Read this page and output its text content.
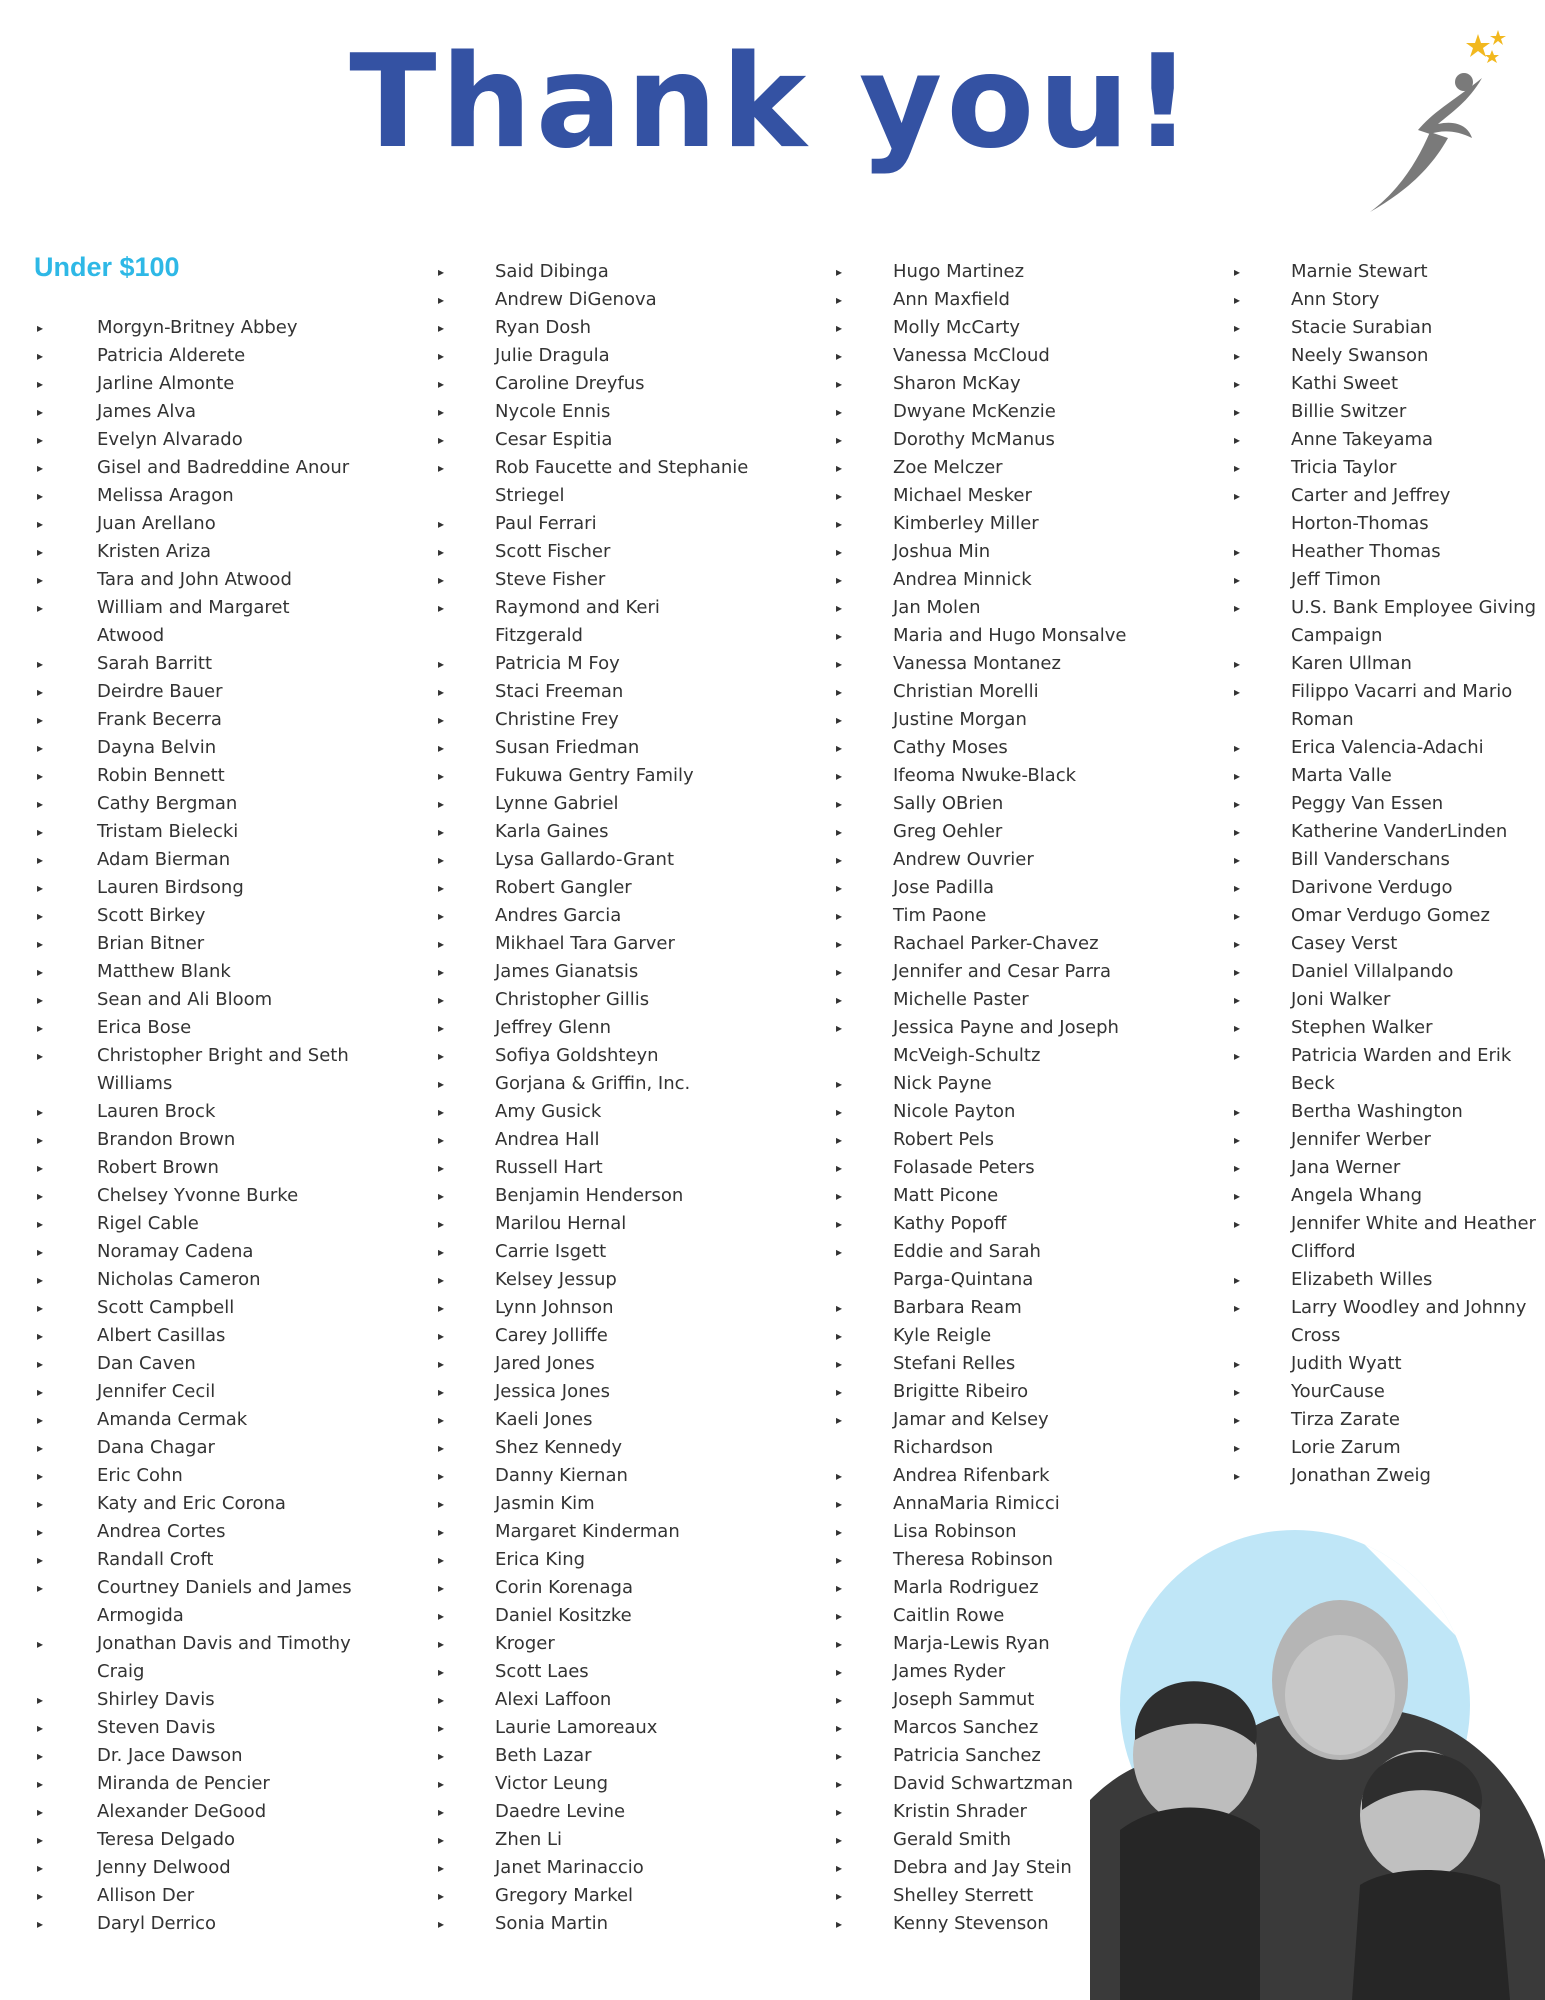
Thank you!
Under $100
▸	Morgyn-Britney Abbey
▸	Patricia Alderete
▸	Jarline Almonte
▸	James Alva
▸	Evelyn Alvarado
▸	Gisel and Badreddine Anour
▸	Melissa Aragon
▸	Juan Arellano
▸	Kristen Ariza
▸	Tara and John Atwood
▸	William and Margaret
Atwood
▸	Sarah Barritt
▸	Deirdre Bauer
▸	Frank Becerra
▸	Dayna Belvin
▸	Robin Bennett
▸	Cathy Bergman
▸	Tristam Bielecki
▸	Adam Bierman
▸	Lauren Birdsong
▸	Scott Birkey
▸	Brian Bitner
▸	Matthew Blank
▸	Sean and Ali Bloom
▸	Erica Bose
▸	Christopher Bright and Seth
Williams
▸	Lauren Brock
▸	Brandon Brown
▸	Robert Brown
▸	Chelsey Yvonne Burke
▸	Rigel Cable
▸	Noramay Cadena
▸	Nicholas Cameron
▸	Scott Campbell
▸	Albert Casillas
▸	Dan Caven
▸	Jennifer Cecil
▸	Amanda Cermak
▸	Dana Chagar
▸	Eric Cohn
▸	Katy and Eric Corona
▸	Andrea Cortes
▸	Randall Croft
▸	Courtney Daniels and James
Armogida
▸	Jonathan Davis and Timothy
Craig
▸	Shirley Davis
▸	Steven Davis
▸	Dr. Jace Dawson
▸	Miranda de Pencier
▸	Alexander DeGood
▸	Teresa Delgado
▸	Jenny Delwood
▸	Allison Der
▸	Daryl Derrico
▸	Said Dibinga
▸	Andrew DiGenova
▸	Ryan Dosh
▸	Julie Dragula
▸	Caroline Dreyfus
▸	Nycole Ennis
▸	Cesar Espitia
▸	Rob Faucette and Stephanie
Striegel
▸	Paul Ferrari
▸	Scott Fischer
▸	Steve Fisher
▸	Raymond and Keri
Fitzgerald
▸	Patricia M Foy
▸	Staci Freeman
▸	Christine Frey
▸	Susan Friedman
▸	Fukuwa Gentry Family
▸	Lynne Gabriel
▸	Karla Gaines
▸	Lysa Gallardo-Grant
▸	Robert Gangler
▸	Andres Garcia
▸	Mikhael Tara Garver
▸	James Gianatsis
▸	Christopher Gillis
▸	Jeffrey Glenn
▸	Sofiya Goldshteyn
▸	Gorjana & Griffin, Inc.
▸	Amy Gusick
▸	Andrea Hall
▸	Russell Hart
▸	Benjamin Henderson
▸	Marilou Hernal
▸	Carrie Isgett
▸	Kelsey Jessup
▸	Lynn Johnson
▸	Carey Jolliffe
▸	Jared Jones
▸	Jessica Jones
▸	Kaeli Jones
▸	Shez Kennedy
▸	Danny Kiernan
▸	Jasmin Kim
▸	Margaret Kinderman
▸	Erica King
▸	Corin Korenaga
▸	Daniel Kositzke
▸	Kroger
▸	Scott Laes
▸	Alexi Laffoon
▸	Laurie Lamoreaux
▸	Beth Lazar
▸	Victor Leung
▸	Daedre Levine
▸	Zhen Li
▸	Janet Marinaccio
▸	Gregory Markel
▸	Sonia Martin
▸	Hugo Martinez
▸	Ann Maxfield
▸	Molly McCarty
▸	Vanessa McCloud
▸	Sharon McKay
▸	Dwyane McKenzie
▸	Dorothy McManus
▸	Zoe Melczer
▸	Michael Mesker
▸	Kimberley Miller
▸	Joshua Min
▸	Andrea Minnick
▸	Jan Molen
▸	Maria and Hugo Monsalve
▸	Vanessa Montanez
▸	Christian Morelli
▸	Justine Morgan
▸	Cathy Moses
▸	Ifeoma Nwuke-Black
▸	Sally OBrien
▸	Greg Oehler
▸	Andrew Ouvrier
▸	Jose Padilla
▸	Tim Paone
▸	Rachael Parker-Chavez
▸	Jennifer and Cesar Parra
▸	Michelle Paster
▸	Jessica Payne and Joseph
McVeigh-Schultz
▸	Nick Payne
▸	Nicole Payton
▸	Robert Pels
▸	Folasade Peters
▸	Matt Picone
▸	Kathy Popoff
▸	Eddie and Sarah
Parga-Quintana
▸	Barbara Ream
▸	Kyle Reigle
▸	Stefani Relles
▸	Brigitte Ribeiro
▸	Jamar and Kelsey
Richardson
▸	Andrea Rifenbark
▸	AnnaMaria Rimicci
▸	Lisa Robinson
▸	Theresa Robinson
▸	Marla Rodriguez
▸	Caitlin Rowe
▸	Marja-Lewis Ryan
▸	James Ryder
▸	Joseph Sammut
▸	Marcos Sanchez
▸	Patricia Sanchez
▸	David Schwartzman
▸	Kristin Shrader
▸	Gerald Smith
▸	Debra and Jay Stein
▸	Shelley Sterrett
▸	Kenny Stevenson
▸	Marnie Stewart
▸	Ann Story
▸	Stacie Surabian
▸	Neely Swanson
▸	Kathi Sweet
▸	Billie Switzer
▸	Anne Takeyama
▸	Tricia Taylor
▸	Carter and Jeffrey
Horton-Thomas
▸	Heather Thomas
▸	Jeff Timon
▸	U.S. Bank Employee Giving
Campaign
▸	Karen Ullman
▸	Filippo Vacarri and Mario
Roman
▸	Erica Valencia-Adachi
▸	Marta Valle
▸	Peggy Van Essen
▸	Katherine VanderLinden
▸	Bill Vanderschans
▸	Darivone Verdugo
▸	Omar Verdugo Gomez
▸	Casey Verst
▸	Daniel Villalpando
▸	Joni Walker
▸	Stephen Walker
▸	Patricia Warden and Erik
Beck
▸	Bertha Washington
▸	Jennifer Werber
▸	Jana Werner
▸	Angela Whang
▸	Jennifer White and Heather
Clifford
▸	Elizabeth Willes
▸	Larry Woodley and Johnny
Cross
▸	Judith Wyatt
▸	YourCause
▸	Tirza Zarate
▸	Lorie Zarum
▸	Jonathan Zweig
